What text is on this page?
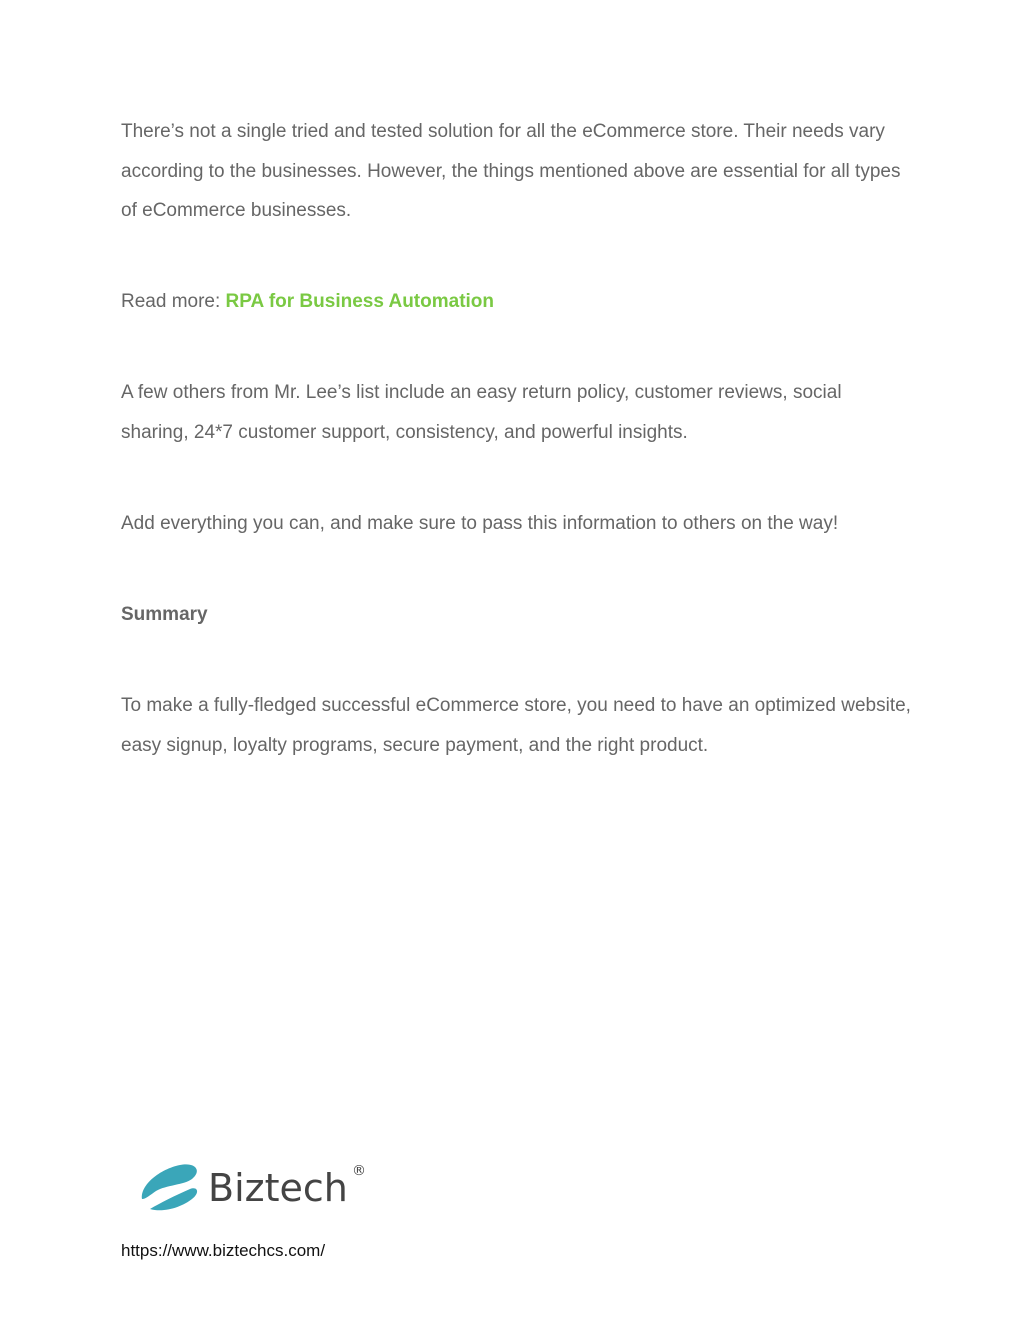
There’s not a single tried and tested solution for all the eCommerce store. Their needs vary according to the businesses. However, the things mentioned above are essential for all types of eCommerce businesses.

Read more: RPA for Business Automation

A few others from Mr. Lee’s list include an easy return policy, customer reviews, social sharing, 24*7 customer support, consistency, and powerful insights.

Add everything you can, and make sure to pass this information to others on the way!

Summary

To make a fully-fledged successful eCommerce store, you need to have an optimized website, easy signup, loyalty programs, secure payment, and the right product.

Biztech ®

https://www.biztechcs.com/
